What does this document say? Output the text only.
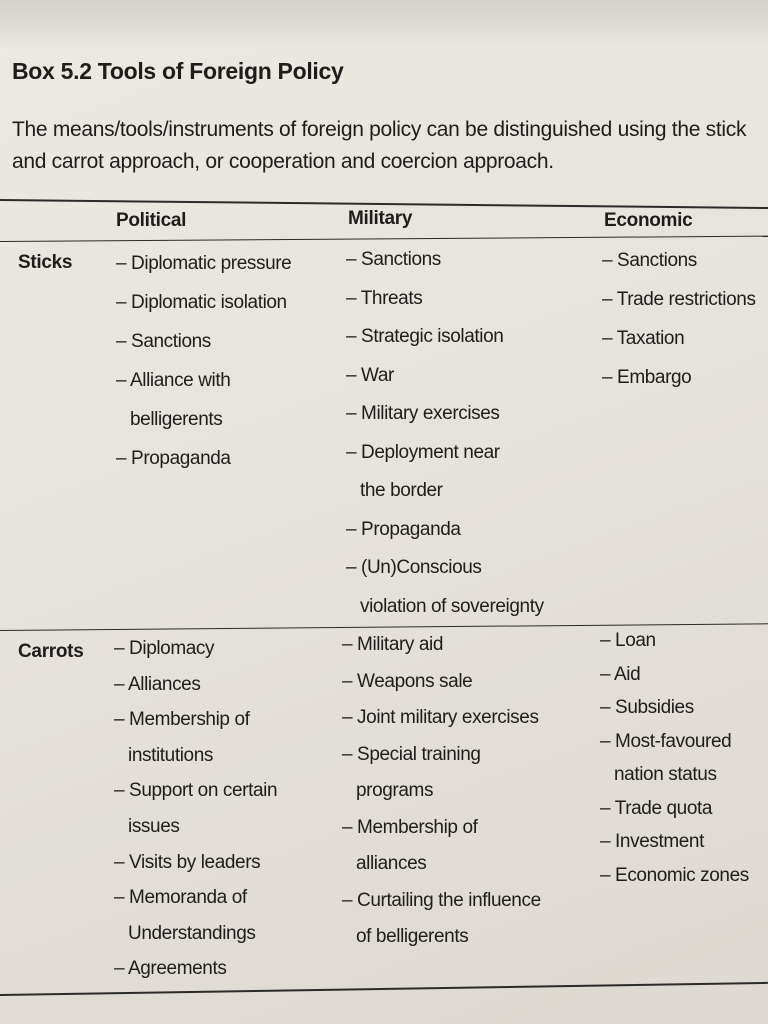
Box 5.2 Tools of Foreign Policy
The means/tools/instruments of foreign policy can be distinguished using the stick
and carrot approach, or cooperation and coercion approach.
Political	Military	Economic
Sticks – Diplomatic pressure
– Diplomatic isolation
– Sanctions
– Alliance with
belligerents
– Propaganda
– Sanctions
– Threats
– Strategic isolation
– War
– Military exercises
– Deployment near
the border
– Propaganda
– (Un)Conscious
violation of sovereignty
– Sanctions
– Trade restrictions
– Taxation
– Embargo
Carrots – Diplomacy
– Alliances
– Membership of
institutions
– Support on certain
issues
– Visits by leaders
– Memoranda of
Understandings
– Agreements
– Military aid
– Weapons sale
– Joint military exercises
– Special training
programs
– Membership of
alliances
– Curtailing the influence
of belligerents
– Loan
– Aid
– Subsidies
– Most-favoured
nation status
– Trade quota
– Investment
– Economic zones
